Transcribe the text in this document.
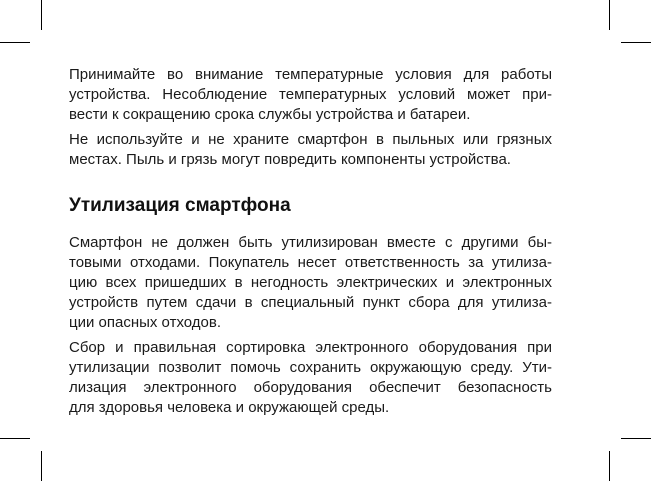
Принимайте во внимание температурные условия для работы
устройства. Несоблюдение температурных условий может при-
вести к сокращению срока службы устройства и батареи.

Не используйте и не храните смартфон в пыльных или грязных
местах. Пыль и грязь могут повредить компоненты устройства.

Утилизация смартфона

Смартфон не должен быть утилизирован вместе с другими бы-
товыми отходами. Покупатель несет ответственность за утилиза-
цию всех пришедших в негодность электрических и электронных
устройств путем сдачи в специальный пункт сбора для утилиза-
ции опасных отходов.

Сбор и правильная сортировка электронного оборудования при
утилизации позволит помочь сохранить окружающую среду. Ути-
лизация электронного оборудования обеспечит безопасность
для здоровья человека и окружающей среды.
